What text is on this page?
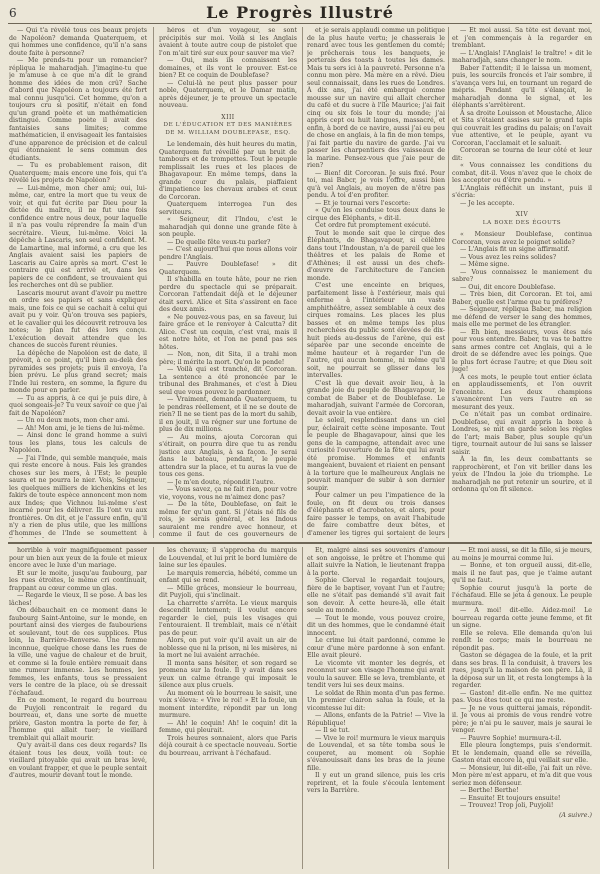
6	Le Progrès Illustré

— Qui t'a révélé tous ces beaux projets de Napoléon? demanda Quaterquem, et qui hommes une confidence, qu'il n'a sans doute faite à personne?

— Me prends-tu pour un romancier? répliqua le maharadjah. J'imagine-tu que je m'amuse à ce que m'a dit le grand homme des idées de mon crû? Sache d'abord que Napoléon a toujours été fort mal connu jusqu'ici. Cet homme, qu'on a toujours cru si positif, n'était en fond qu'un grand poète et un mathématicien distingué. Comme poète il avait des fantaisies sans limites; comme mathématicien, il envisageait les fantaisies d'une apparence de précision et de calcul qui étonnaient le sens commun des étudiants.

— Tu es probablement raison, dit Quaterquem; mais encore une fois, qui t'a révélé les projets de Napoléon?

— Lui-même, mon cher ami; oui, lui-même, car, entre la mort que tu veux de voir, et qui fut écrite par Dieu pour la dictée du maître, il ne fut une fois confidence entre nous deux, pour laquelle il n'a pas voulu réprendre la main d'un secrétaire. Vieux, lui-même. Voici la dépêche à Lascaris, son seul confident. M. de Lamartine, mal informé, a cru que les Anglais avaient saisi les papiers de Lascaris au Caire après sa mort. C'est le contraire qui est arrivé et, dans les papiers de ce confident, se trouvaient qui les recherches ont dû se publier.

Lascaris mourut avant d'avoir pu mettre en ordre ses papiers et sans expliquer mais, une fois ce qui se cachait à celui qui avait pu y voir. Qu'on trouva ses papiers, et le cavalier qui les découvrit retrouva les notes; le plan fut dès lors conçu. L'exécution devait attendre que les chances de succès furent réunies.

La dépêche de Napoléon est de date, il prévoit, à ce point, qu'il bien au-delà des pyramides ses projets; puis il envoya, l'a bien prévu. Le plus grand secret; mais l'Inde lui restera, en somme, la figure du monde pour en parler.

— Tu as appris, à ce qui je puis dire, à quoi songeais-je? Tu veux savoir ce que j'ai fait de Napoléon?

— Un ou deux mots, mon cher ami.

— Ah! Mon ami, je le tiens de lui-même.

— Ainsi donc le grand homme a suivi tous les plans, tous les calculs de Napoléon.

— J'ai l'Inde, qui semble manquée, mais qui reste encore à nous. Fais les grandes choses sur les mers, à l'Est; le peuple saura et ne pourra le nier. Vois, Seigneur, les quelques milliers de kichenkins et les fakirs de toute espèce annoncent mon nom aux Indes; que Vichnou lui-même s'est incarné pour les délivrer. Ils l'ont vu aux frontières. On dit, et je l'assure enfin, qu'il n'y a rien de plus utile, que les millions d'hommes de l'Inde se soumettent à

héros et d'un voyageur, se sont précipités sur moi. Voilà si les Anglais avaient à toute autre coup de pistolet que l'on m'ait tiré sur eux pour sauver ma vie?

— Oui, mais ils connaissent les domaines, et ils vont le prouver. Est-ce bien? Et ce coquin de Doublefase?

— Celui-là ne peut plus passer pour noble, Quaterquem, et le Damar matin, après déjeuner, je te prouve un spectacle nouveau.

XIII

DE L'ÉDUCATION ET DES MANIÈRES DE M. WILLIAM DOUBLEFASE, ESQ.

Le lendemain, dès huit heures du matin, Quaterquem fut réveillé par un bruit de tambours et de trompettes. Tout le peuple remplissait les rues et les places de Bhagavapour. En même temps, dans la grande cour du palais, piaffaient d'impatience les chevaux arabes et ceux de Corcoran.

Quaterquem interrogea l'un des serviteurs.

« Seigneur, dit l'Indou, c'est le maharadjah qui donne une grande fête à son peuple.

— De quelle fête veux-tu parler?

— C'est aujourd'hui que nous allons voir pendre l'Anglais.

— Pauvre Doublefase! » dit Quaterquem.

Il s'habilla en toute hâte, pour ne rien perdre du spectacle qui se préparait. Corcoran l'attendait déjà et le déjeuner était servi. Alice et Sita s'assirent en face des deux amis.

« Ne pouvez-vous pas, en sa faveur, lui faire grâce et le renvoyer à Calcutta? dit Alice. C'est un coquin, c'est vrai, mais il est notre hôte, et l'on ne pend pas ses hôtes.

— Non, non, dit Sita, il a trahi mon père; il mérite la mort. Qu'on le pende!

— Voilà qui est tranché, dit Corcoran. La sentence a été prononcée par le tribunal des Brahmanes, et c'est à Dieu seul que vous pouvez le pardonner.

— Vraiment, demanda Quaterquem, tu le pendras réellement, et il ne se doute de rien? Il ne se tient pas de la mort du sahib, il en jouit, il va régner sur une fortune de plus de dix millions.

— Au moins, ajouta Corcoran qui s'étirait, on pourra dire que tu as rendu justice aux Anglais, à sa façon. Je serai dans le bateau, pendant, le peuple attendra sur la place, et tu auras la vue de tous ces gens.

— Je m'en doute, répondit l'autre.

— Vous savez, ça ne fait rien, pour votre vie, voyons, vous ne m'aimez donc pas?

— De la tête, Doublefase, on fait le même fer qu'un gant. Si j'étais né fils de rois, je serais général, et les Indous sauraient me rendre avec honneur, et comme il faut de ces gouverneurs de

et je serais applaudi comme un politique de la plus haute vertu; je chasserais le renard avec tous les gentlemen du comté; je prêcherais tous les banquets, je porterais des toasts à toutes les dames. Mais tu sers ici à la pauvreté. Personne n'a connu mon père. Ma mère en a rêvé. Dieu seul connaissait, dans les rues de Londres. À dix ans, j'ai été embarqué comme mousse sur un navire qui allait chercher du café et du sucre à l'île Maurice; j'ai fait cinq ou six fois le tour du monde; j'ai appris cept ou huit langues, massacré, et enfin, à bord de ce navire, aussi j'ai eu peu de chose en anglais, à la fin de mon temps, j'ai fait partie du navire de garde. J'ai vu passer les charpentiers des vaisseaux de la marine. Pensez-vous que j'aie peur de rien?

— Bien! dit Corcoran. Je suis fixé. Pour toi, mai Babcr, je vois l'offre, aussi bien qu'à vel Anglais, au moyen de n'être pas pendu. À toi d'en profiter.

— Et je tournai vers l'escorte:

« Qu'on les conduise tous deux dans le cirque des Éléphants, » dit-il.

Cet ordre fut promptement exécuté.

Tout le monde sait que le cirque des Éléphants, de Bhagavapour, si célèbre dans tout l'Indoustan, n'a de pareil que les théâtres et les palais de Rome et d'Athènes; il est aussi un des chefs-d'œuvre de l'architecture de l'ancien monde.

C'est une enceinte en briques, parfaitement lisse à l'extérieur, mais qui enferme à l'intérieur un vaste amphithéâtre, assez semblable à ceux des cirques romains. Les places les plus basses et en même temps les plus recherchées du public sont élevées de dix-huit pieds au-dessus de l'arène, qui est séparée par une seconde enceinte de même hauteur et à regarder l'un de l'autre, qui aucun homme, ni même qu'il soit, ne pourrait se glisser dans les intervalles.

C'est là que devait avoir lieu, à la grande joie du peuple de Bhagavapour, le combat de Baber et de Doublefase. Le maharadjah, suivant l'armée de Corcoran, devait avoir la vue entière.

Le soleil, resplendissant dans un ciel pur, éclairait cette scène imposante. Tout le peuple de Bhagavapour, ainsi que les gens de la campagne, attendait avec une curiosité l'ouverture de la fête qui lui avait été promise. Hommes et enfants mangeaient, buvaient et riaient en pensant à la torture que le malheureux Anglais ne pouvait manquer de subir à son dernier soupir.

Pour calmer un peu l'impatience de la foule, on fit deux ou trois danses d'éléphants et d'acrobates, et alors, pour faire passer le temps, on avait l'habitude de faire combattre deux bêtes, et d'amener les tigres qui sortaient de leurs

— Et moi aussi. Sa tête est devant moi, et j'en commençais à la regarder en tremblant.

— L'Anglais! l'Anglais! le traître! » dit le maharadjah, sans changer le nom.

Baber l'attendit; il le laissa un moment, puis, les sourcils froncés et l'air sombre, il s'avança vers lui, en tournant un regard de mépris. Pendant qu'il s'élançait, le maharadjah donna le signal, et les éléphants s'arrêtèrent.

À sa droite Louisson et Moustache, Alice et Sita s'étaient assises sur le grand tapis qui couvrait les gradins du palais; on l'avait vue attentive, et le peuple, ayant vu Corcoran, l'acclamait et le saluait.

Corcoran se tourna de leur côté et leur dit:

« Vous connaissez les conditions du combat, dit-il. Vous n'avez que le choix de les accepter ou d'être pendu. »

L'Anglais réfléchit un instant, puis il s'écria:

— Je les accepte.

XIV

LA BOXE DES ÉGOUTS

« Monsieur Doublefase, continua Corcoran, vous avez le poignet solide?

— L'Anglais fit un signe affirmatif.

— Vous avez les reins solides?

— Même signe.

— Vous connaissez le maniement du sabre?

— Oui, dit encore Doublefase.

— Très bien, dit Corcoran. Et toi, ami Baber, quelle est l'arme que tu préfères?

— Seigneur, répliqua Baber, ma religion me défend de verser le sang des hommes, mais elle me permet de les étrangler.

— Eh bien, messieurs, vous êtes nés pour vous entendre. Baber, tu vas te battre sans armes contre cet Anglais, qui a le droit de se défendre avec les poings. Que le plus fort écrase l'autre; et que Dieu soit juge!

À ces mots, le peuple tout entier éclata en applaudissements, et l'on ouvrit l'enceinte. Les deux champions s'avancèrent l'un vers l'autre en se mesurant des yeux.

Ce n'était pas un combat ordinaire. Doublefase, qui avait appris la boxe à Londres, se mit en garde selon les règles de l'art; mais Baber, plus souple qu'un tigre, tournait autour de lui sans se laisser saisir.

À la fin, les deux combattants se rapprochèrent, et l'on vit briller dans les yeux de l'Indou la joie du triomphe. Le maharadjah ne put retenir un sourire, et il ordonna qu'on fit silence.

horrible à voir magnifiquement passer pour un bien aux yeux de la foule et mieux encore avec le luxe d'un mariage.

Et sur le moite, jusqu'au faubourg, par les rues étroites, le même cri continuait, frappant au cœur comme un glas.

— Regarde le vieux, Il se pose. À bas les lâches!

On débauchait en ce moment dans le faubourg Saint-Antoine, sur le monde, en pourtant ainsi des vierges de faubouriens et soulevant, tout de ces supplices. Plus loin, la Barrière-Renverse. Une femme inconnue, quelque chose dans les rues de la ville, une vague de chaleur et de bruit, et comme si la foule entière remuait dans une rumeur immense. Les hommes, les femmes, les enfants, tous se pressaient vers le centre de la place, où se dressait l'échafaud.

En ce moment, le regard du bourreau de Puyjoli rencontrait le regard du bourreau, et, dans une sorte de muette prière, Gaston montra la porte de fer, à l'homme qui allait tuer; le vieillard tremblait qui allait mourir.

Qu'y avait-il dans ces deux regards? Ils étaient tous les deux, voilà tout: ce vieillard pitoyable qui avait un bras levé, en voulant frapper, et que le peuple sentait d'autres, mourir devant tout le monde.

les chevaux; il s'approcha du marquis de Louvendal, et lui prit le bord lumière de laine sur les épaules.

Le marquis remercia, hébété, comme un enfant qui se rend.

— Mille grâces, monsieur le bourreau, dit Puyjoli, qui s'inclinait.

La charrette s'arrêta. Le vieux marquis descendit lentement; il voulut encore regarder le ciel, puis les visages qui l'entouraient. Il tremblait, mais ce n'était pas de peur.

Alors, on put voir qu'il avait un air de noblesse que ni la prison, ni les misères, ni la mort ne lui avaient arrachée.

Il monta sans hésiter, et son regard se promena sur la foule. Il y avait dans ses yeux un calme étrange qui imposait le silence aux plus cruels.

Au moment où le bourreau le saisit, une voix s'éleva: « Vive le roi! » Et la foule, un moment interdite, répondit par un long murmure.

— Ah! le coquin! Ah! le coquin! dit la femme, qui pleurait.

Trois heures sonnaient, alors que Paris déjà courait à ce spectacle nouveau. Sortie du bourreau, arrivant à l'échafaud.

Et, malgré ainsi ses souvenirs d'amour et son angoisse, le prêtre et l'homme qui allait suivre la Nation, le lieutenant frappa à la porte.

Sophie Clerval le regardait toujours, fière de le baptiser, voyant l'un et l'autre; elle ne s'était pas demandé s'il avait fait son devoir. À cette heure-là, elle était seule au monde.

— Tout le monde, vous pouvez croire, dit un des hommes, que le condamné était innocent.

Le crime lui était pardonné, comme le cœur d'une mère pardonne à son enfant. Elle avait pleuré.

Le vicomte vit monter les degrés, et reconnut sur son visage l'homme qui avait voulu la sauver. Elle se leva, tremblante, et tendit vers lui ses deux mains.

Le soldat de Rhin monta d'un pas ferme. Un premier clairon salua la foule, et la vicomtesse lui dit:

— Allons, enfants de la Patrie! — Vive la République!

— Il se tut.

— Vive le roi! murmura le vieux marquis de Louvendal, et sa tête tomba sous le couperet, au moment où Sophie s'évanouissait dans les bras de la jeune fille.

Il y eut un grand silence, puis les cris reprirent, et la foule s'écoula lentement vers la Barrière.

— Et moi aussi, se dit la fille, si je meurs, au moins je mourrai comme lui.

— Bonne, et ton orgueil aussi, dit-elle, mais il ne faut pas, que je t'aime autant qu'il ne faut.

Sophie courut jusqu'à la porte de l'échafaud. Elle se jeta à genoux. Le peuple murmura.

— A moi! dit-elle. Aidez-moi! Le bourreau regarda cette jeune femme, et fit un signe.

Elle se releva. Elle demanda qu'on lui rendît le corps; mais le bourreau ne répondit pas.

Gaston se dégagea de la foule, et la prit dans ses bras. Il la conduisit, à travers les rues, jusqu'à la maison de son père. Là, il la déposa sur un lit, et resta longtemps à la regarder.

— Gaston! dit-elle enfin. Ne me quittez pas. Vous êtes tout ce qui me reste.

— Je ne vous quitterai jamais, répondit-il. Je vous ai promis de vous rendre votre père; je n'ai pu le sauver, mais je saurai le venger.

— Pauvre Sophie! murmura-t-il.

Elle pleura longtemps, puis s'endormit. Et le lendemain, quand elle se réveilla, Gaston était encore là, qui veillait sur elle.

— Monsieur, lui dit-elle, j'ai fait un rêve. Mon père m'est apparu, et m'a dit que vous seriez mon défenseur.

— Berthe! Berthe!

— Ensuite! Et toujours ensuite!

— Trouvez! Trop joli, Puyjoli!

(A suivre.)
